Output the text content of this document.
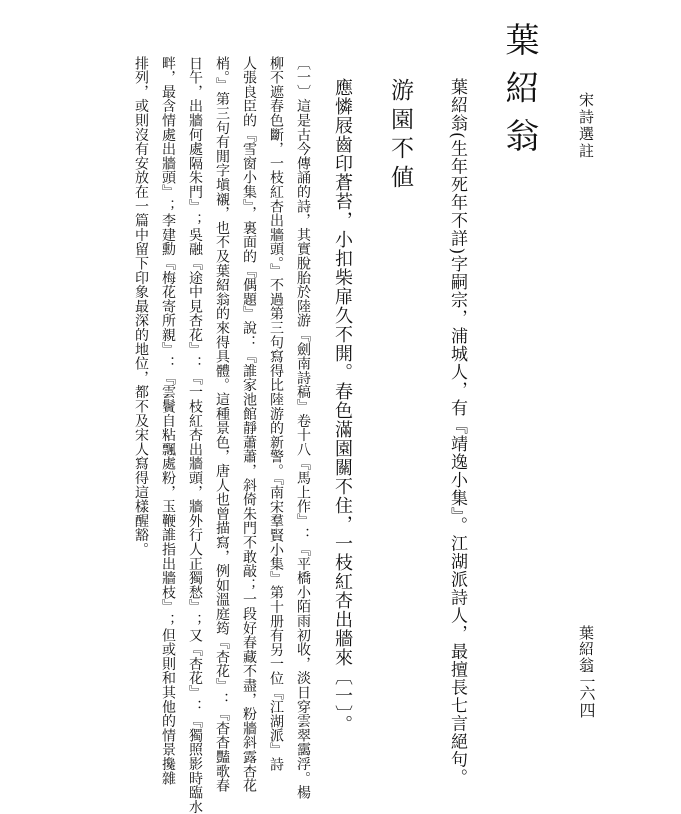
宋詩選註
葉紹翁
二六四
葉紹翁
葉紹翁(生年死年不詳)字嗣宗，浦城人，有『靖逸小集』。江湖派詩人，最擅長七言絕句。
游園不値
應憐屐齒印蒼苔，小扣柴扉久不開。春色滿園關不住，一枝紅杏出牆來〔一〕。
〔一〕這是古今傳誦的詩，其實脫胎於陸游『劍南詩稿』卷十八『馬上作』：『平橋小陌雨初收，淡日穿雲翠靄浮。楊
柳不遮春色斷，一枝紅杏出牆頭。』不過第三句寫得比陸游的新警。『南宋羣賢小集』第十册有另一位『江湖派』詩
人張良臣的『雪窗小集』，裏面的『偶題』說：『誰家池館靜蕭蕭，斜倚朱門不敢敲；一段好春藏不盡，粉牆斜露杏花
梢。』第三句有閒字塡襯，也不及葉紹翁的來得具體。這種景色，唐人也曾描寫，例如溫庭筠『杏花』：『杳杳豔歌春
日午，出牆何處隔朱門』；吳融『途中見杏花』：『一枝紅杏出牆頭，牆外行人正獨愁』；又『杏花』：『獨照影時臨水
畔，最含情處出牆頭』；李建勳『梅花寄所親』：『雲鬢自粘飄處粉，玉鞭誰指出牆枝』；但或則和其他的情景攙雜
排列，或則沒有安放在一篇中留下印象最深的地位，都不及宋人寫得這樣醒豁。
